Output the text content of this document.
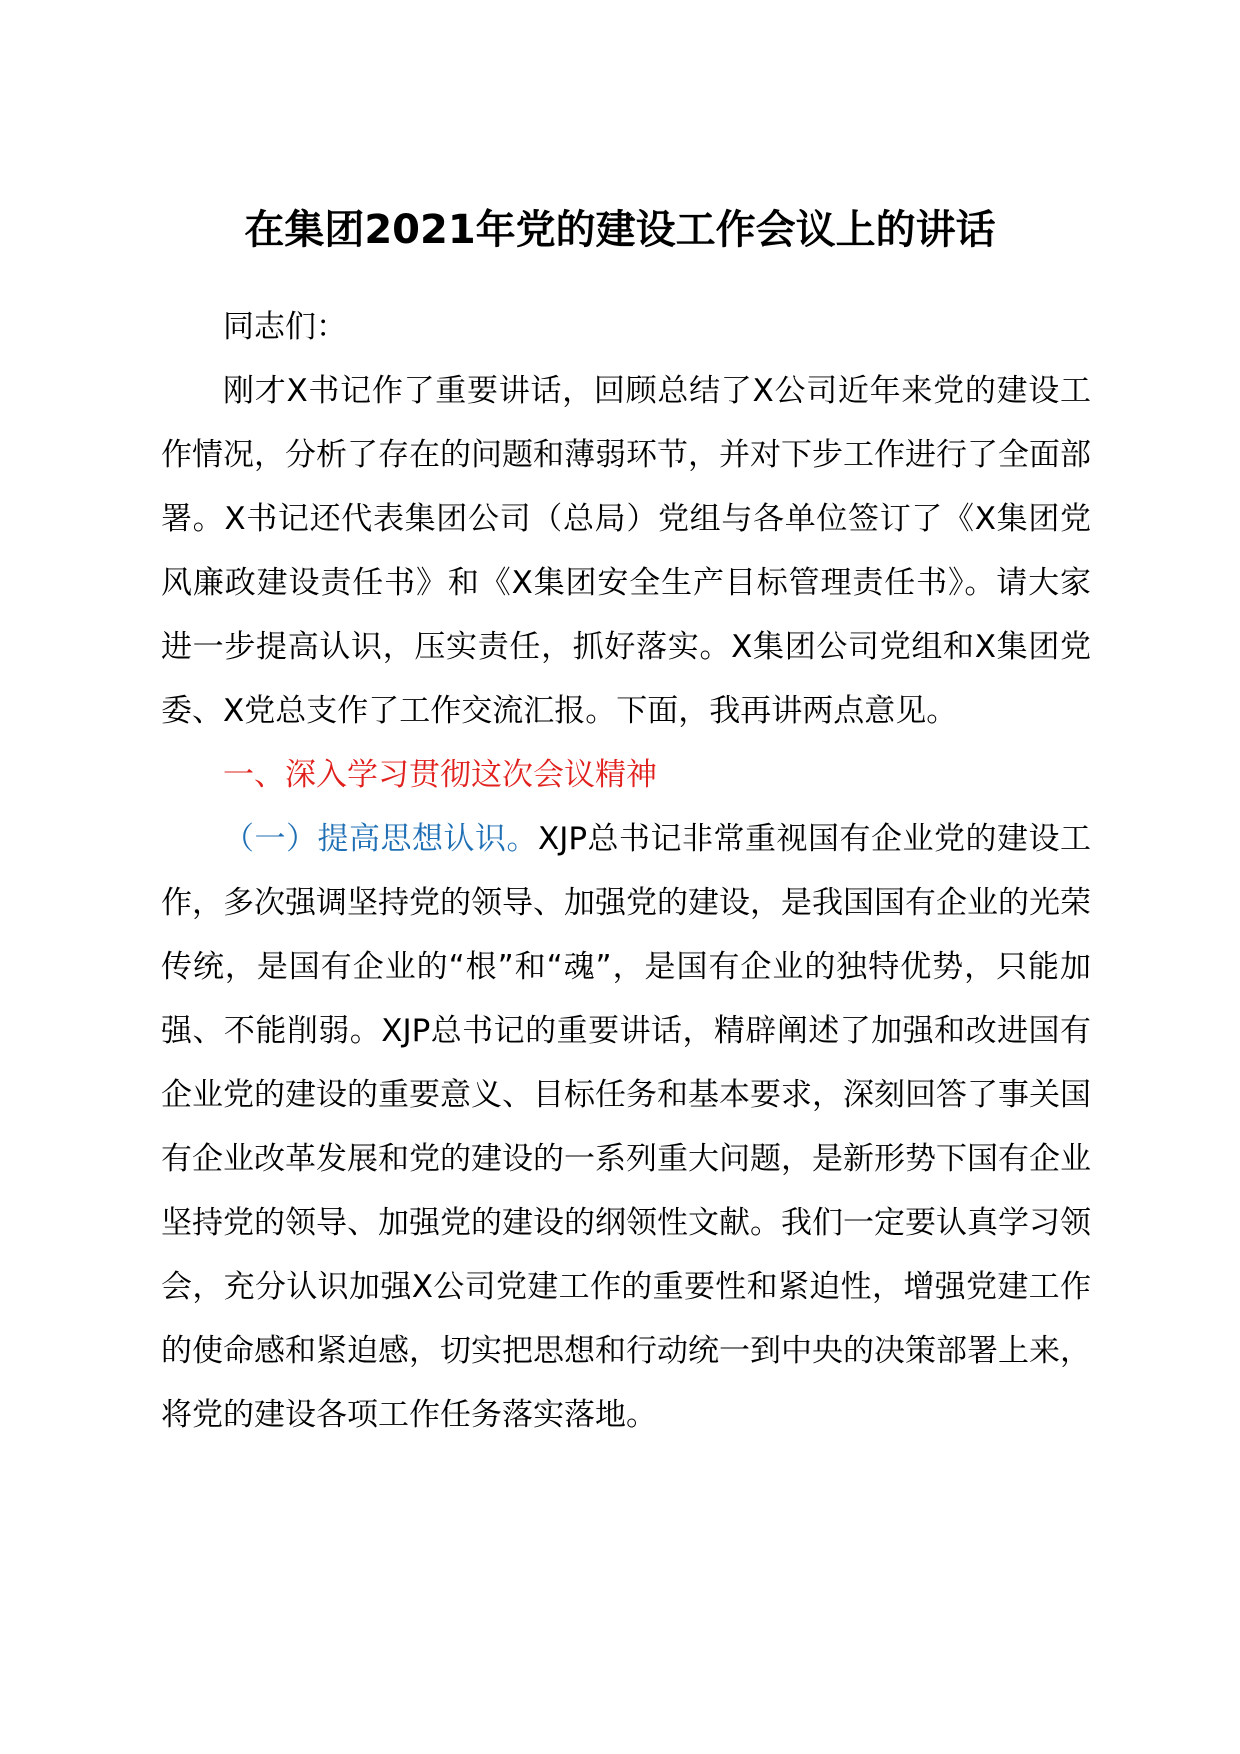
在集团2021年党的建设工作会议上的讲话

同志们：

刚才X书记作了重要讲话，回顾总结了X公司近年来党的建设工作情况，分析了存在的问题和薄弱环节，并对下步工作进行了全面部署。X书记还代表集团公司（总局）党组与各单位签订了《X集团党风廉政建设责任书》和《X集团安全生产目标管理责任书》。请大家进一步提高认识，压实责任，抓好落实。X集团公司党组和X集团党委、X党总支作了工作交流汇报。下面，我再讲两点意见。

一、深入学习贯彻这次会议精神

（一）提高思想认识。XJP总书记非常重视国有企业党的建设工作，多次强调坚持党的领导、加强党的建设，是我国国有企业的光荣传统，是国有企业的“根”和“魂”，是国有企业的独特优势，只能加强、不能削弱。XJP总书记的重要讲话，精辟阐述了加强和改进国有企业党的建设的重要意义、目标任务和基本要求，深刻回答了事关国有企业改革发展和党的建设的一系列重大问题，是新形势下国有企业坚持党的领导、加强党的建设的纲领性文献。我们一定要认真学习领会，充分认识加强X公司党建工作的重要性和紧迫性，增强党建工作的使命感和紧迫感，切实把思想和行动统一到中央的决策部署上来，将党的建设各项工作任务落实落地。
